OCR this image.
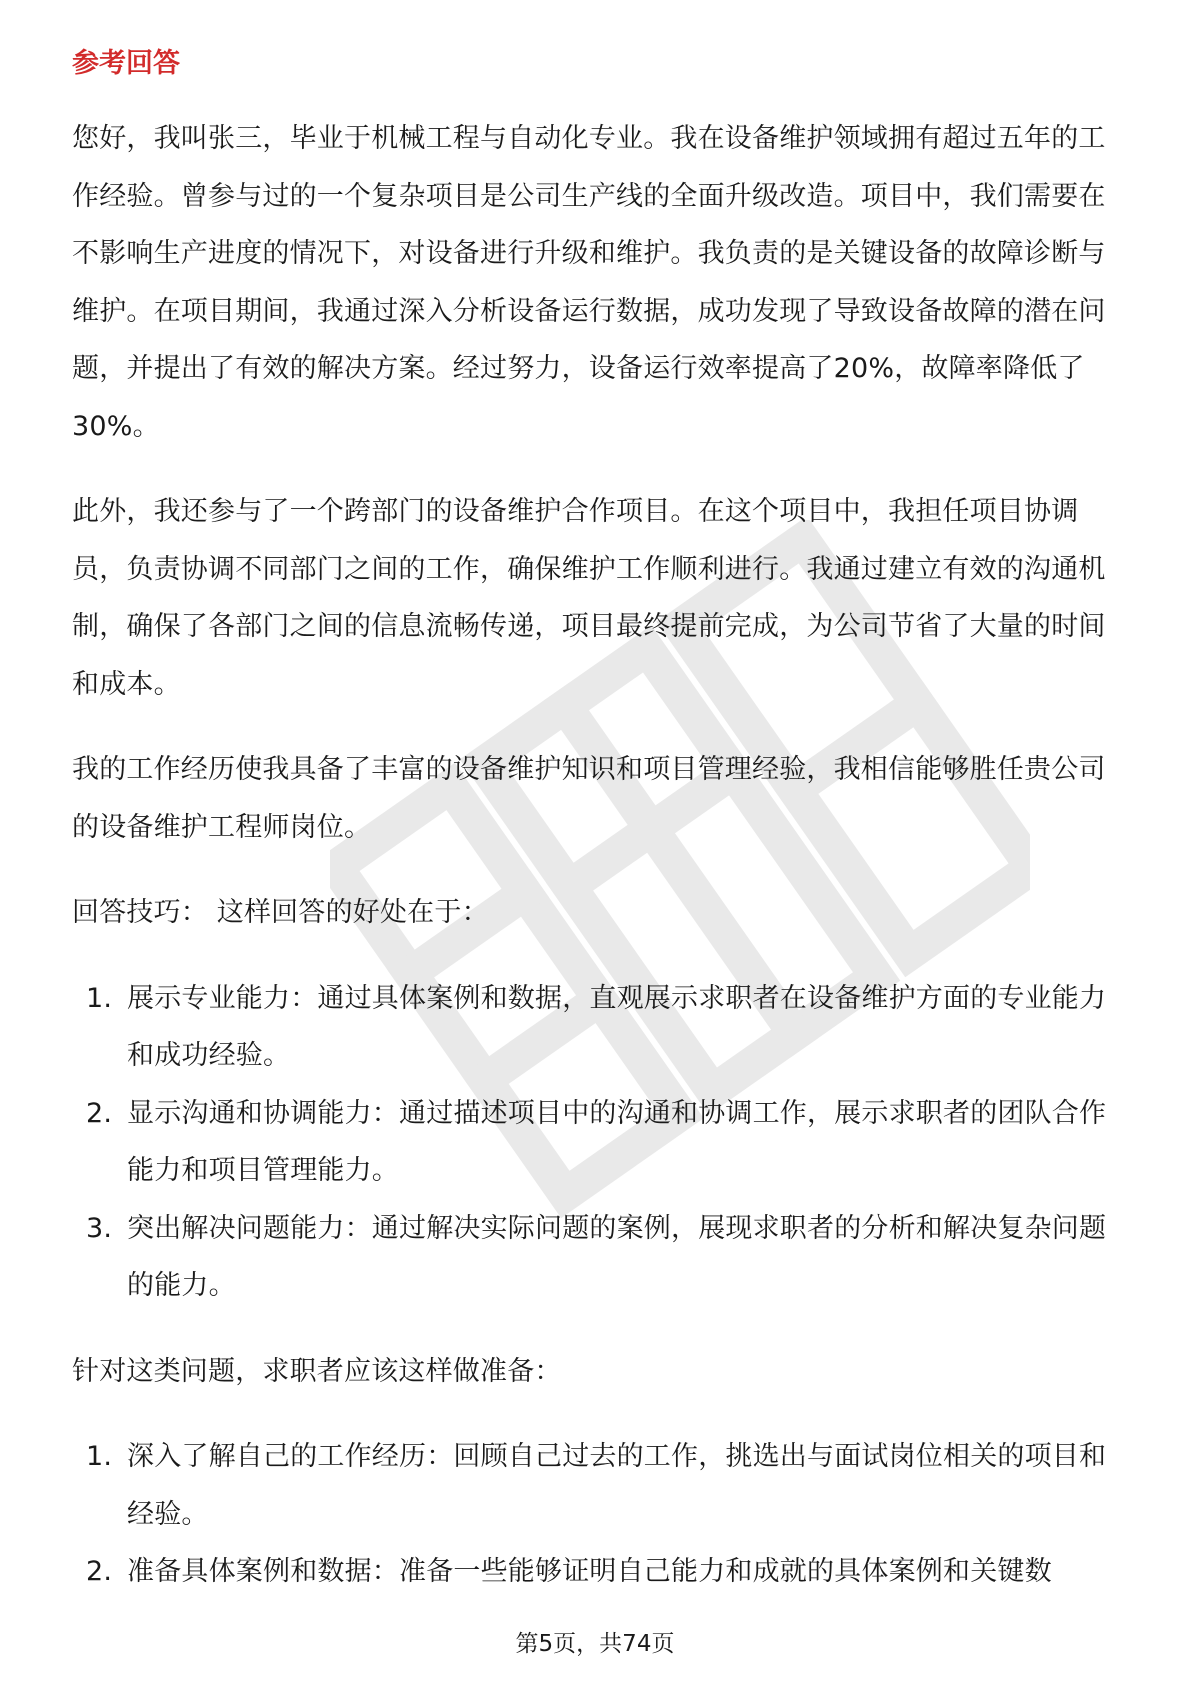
参考回答

您好，我叫张三，毕业于机械工程与自动化专业。我在设备维护领域拥有超过五年的工作经验。曾参与过的一个复杂项目是公司生产线的全面升级改造。项目中，我们需要在不影响生产进度的情况下，对设备进行升级和维护。我负责的是关键设备的故障诊断与维护。在项目期间，我通过深入分析设备运行数据，成功发现了导致设备故障的潜在问题，并提出了有效的解决方案。经过努力，设备运行效率提高了20%，故障率降低了30%。

此外，我还参与了一个跨部门的设备维护合作项目。在这个项目中，我担任项目协调员，负责协调不同部门之间的工作，确保维护工作顺利进行。我通过建立有效的沟通机制，确保了各部门之间的信息流畅传递，项目最终提前完成，为公司节省了大量的时间和成本。

我的工作经历使我具备了丰富的设备维护知识和项目管理经验，我相信能够胜任贵公司的设备维护工程师岗位。

回答技巧： 这样回答的好处在于：

1. 展示专业能力：通过具体案例和数据，直观展示求职者在设备维护方面的专业能力和成功经验。
2. 显示沟通和协调能力：通过描述项目中的沟通和协调工作，展示求职者的团队合作能力和项目管理能力。
3. 突出解决问题能力：通过解决实际问题的案例，展现求职者的分析和解决复杂问题的能力。

针对这类问题，求职者应该这样做准备：

1. 深入了解自己的工作经历：回顾自己过去的工作，挑选出与面试岗位相关的项目和经验。
2. 准备具体案例和数据：准备一些能够证明自己能力和成就的具体案例和关键数
第5页，共74页
